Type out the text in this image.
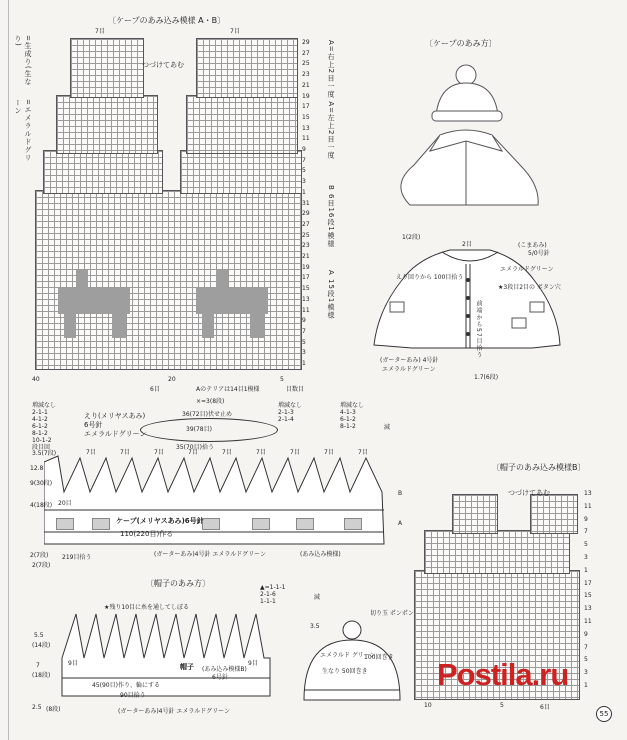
〔ケープのあみ込み模様 A・B〕
7目	7目
=生成り(生なり)
=エメラルドグリーン
つづけてあむ
29
27
25
23
21
19
17
15
13
11
9
7
5
3
1
31
29
27
25
23
21
19
17
15
13
11
9
7
5
3
1
A=右上2目一度 A=左上2目一度
B 6目16段1模様
A 15段1模様
40	20	5
6目	Aのテリアは14目1模様	目数目
〔ケープのあみ方〕
1(2段)
2目	(こまあみ)
5/0号針
エメラルドグリーン
★3段目2目の ボタン穴
えり回りから 100目拾う
前端から57目拾う
(ガーターあみ) 4号針
エメラルドグリーン
1.7(6段)
×=3(8段)
増減なし
2-1-1
4-1-2
6-1-2
8-1-2
10-1-2
段目回
えり(メリヤスあみ)
6号針
エメラルドグリーン
36(72目)伏せ止め
39(78目)
35(70目)拾う
増減なし
2-1-3
2-1-4
増減なし
4-1-3
6-1-2
8-1-2	減
3.5(7段)	7目	7目	7目	7目	7目	7目	7目	7目	7目
12.8
9(30段)
4(18段)
2(7段)
20目
B
A
ケープ(メリヤスあみ)6号針
110(220目)作る
(ガーターあみ)4号針 エメラルドグリーン	(あみ込み模様)
219目拾う
2(7段)
〔帽子のあみ込み模様B〕
つづけてあむ	13
11
9
7
5
3
1
17
15
13
11
9
7
5
3
1
10	5	6目
〔帽子のあみ方〕
★残り10目に糸を通してしぼる
▲=1-1-1
2-1-6
1-1-1
減
5.5
(14段)
7
(18段)
2.5 (8段)
9目	9目
帽子 (あみ込み模様B)
6号針
45(90目)作り、輪にする
90目拾う
(ガーターあみ)4号針 エメラルドグリーン
3.5
切り玉 ポンポン
エメラルド グリーン
100回巻き
生なり 50回巻き Postila.ru
55
